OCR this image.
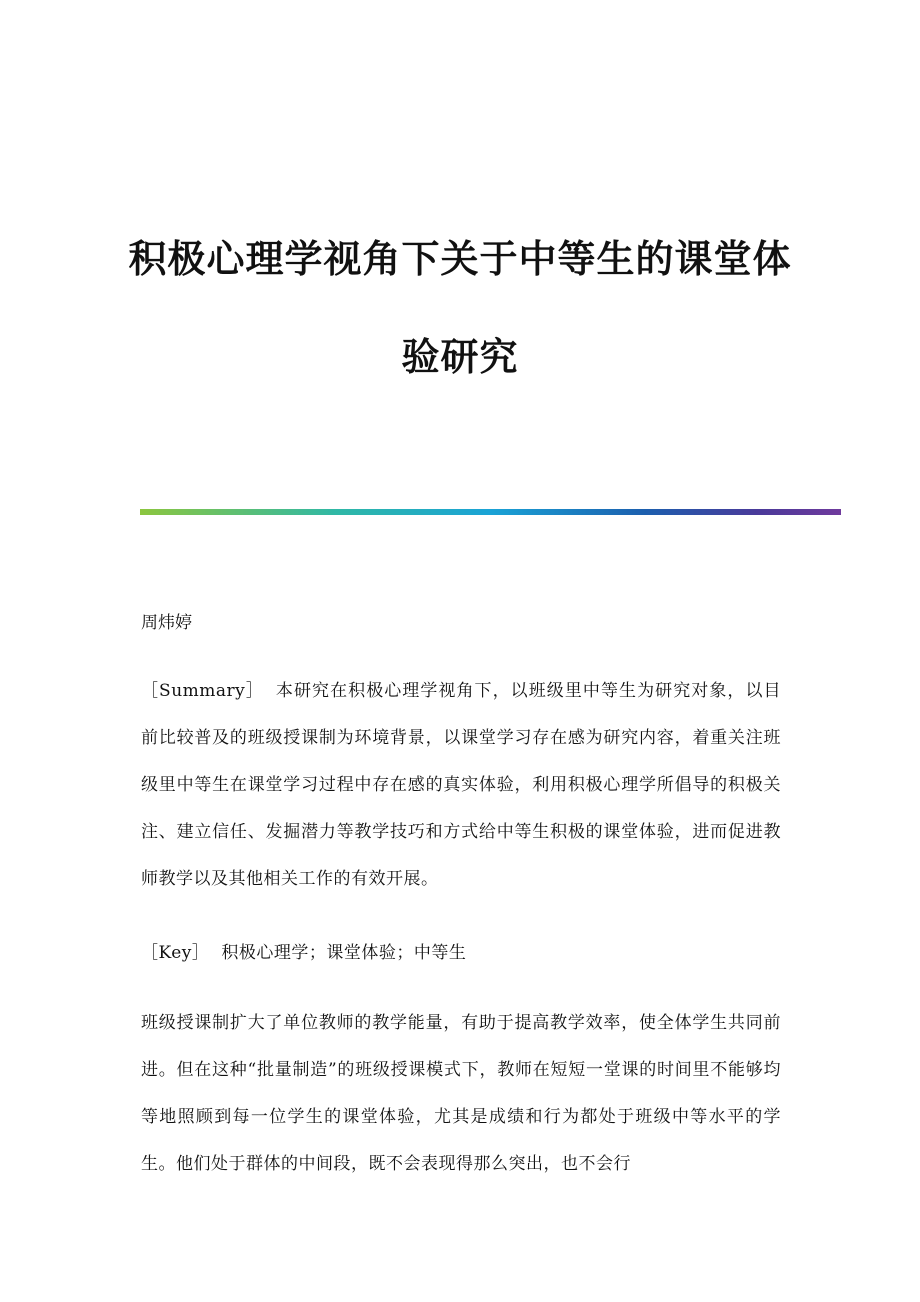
积极心理学视角下关于中等生的课堂体
验研究

周炜婷

［Summary］ 本研究在积极心理学视角下，以班级里中等生为研究对象，以目前比较普及的班级授课制为环境背景，以课堂学习存在感为研究内容，着重关注班级里中等生在课堂学习过程中存在感的真实体验，利用积极心理学所倡导的积极关注、建立信任、发掘潜力等教学技巧和方式给中等生积极的课堂体验，进而促进教师教学以及其他相关工作的有效开展。

［Key］ 积极心理学；课堂体验；中等生

班级授课制扩大了单位教师的教学能量，有助于提高教学效率，使全体学生共同前进。但在这种“批量制造”的班级授课模式下，教师在短短一堂课的时间里不能够均等地照顾到每一位学生的课堂体验，尤其是成绩和行为都处于班级中等水平的学生。他们处于群体的中间段，既不会表现得那么突出，也不会行
